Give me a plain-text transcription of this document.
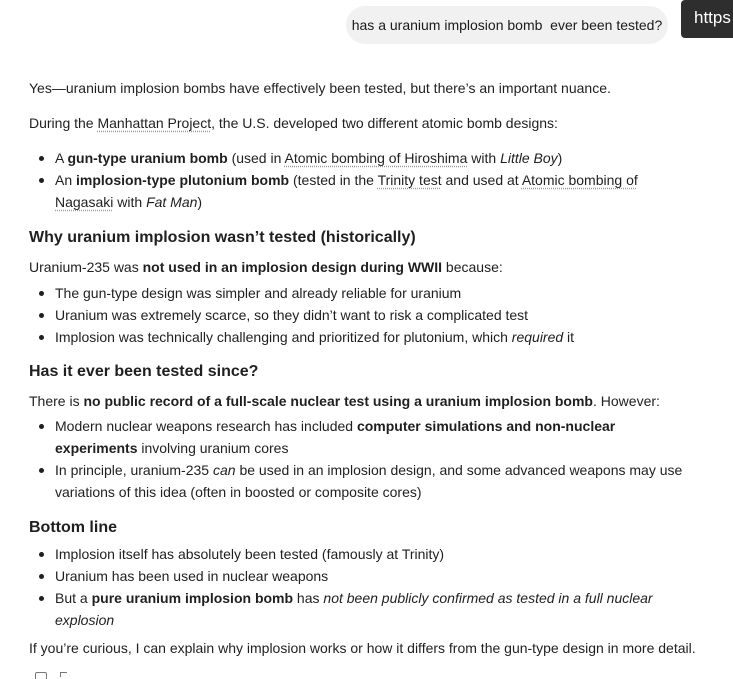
has a uranium implosion bomb  ever been tested?	https

Yes—uranium implosion bombs have effectively been tested, but there’s an important nuance.

During the Manhattan Project, the U.S. developed two different atomic bomb designs:

A gun-type uranium bomb (used in Atomic bombing of Hiroshima with Little Boy)
An implosion-type plutonium bomb (tested in the Trinity test and used at Atomic bombing of
Nagasaki with Fat Man)
Why uranium implosion wasn’t tested (historically)

Uranium-235 was not used in an implosion design during WWII because:

The gun-type design was simpler and already reliable for uranium
Uranium was extremely scarce, so they didn’t want to risk a complicated test
Implosion was technically challenging and prioritized for plutonium, which required it
Has it ever been tested since?

There is no public record of a full-scale nuclear test using a uranium implosion bomb. However:

Modern nuclear weapons research has included computer simulations and non-nuclear
experiments involving uranium cores
In principle, uranium-235 can be used in an implosion design, and some advanced weapons may use
variations of this idea (often in boosted or composite cores)
Bottom line
Implosion itself has absolutely been tested (famously at Trinity)
Uranium has been used in nuclear weapons
But a pure uranium implosion bomb has not been publicly confirmed as tested in a full nuclear
explosion

If you’re curious, I can explain why implosion works or how it differs from the gun-type design in more detail.
